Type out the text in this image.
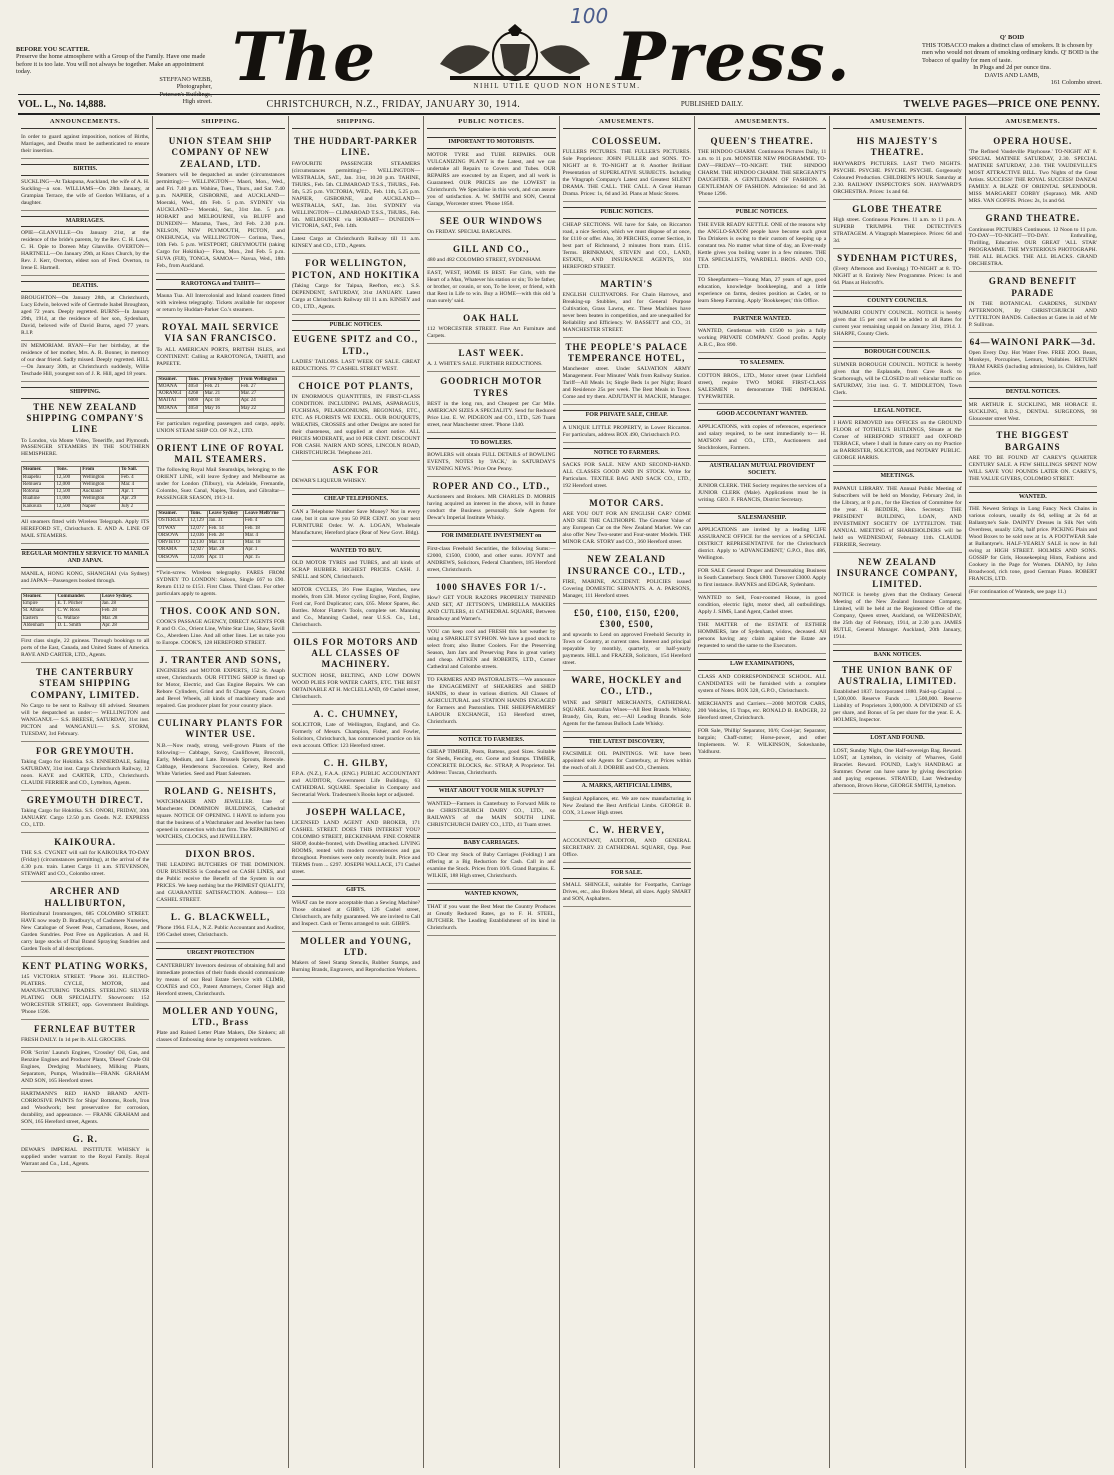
BEFORE YOU SCATTER.
Preserve the home atmosphere with a Group of the Family. Have one made before it is too late. You will not always be together. Make an appointment today.
STEFFANO WEBB,
Photographer,
Petersen's Buildings,
High street.
The	Press.
NIHIL UTILE QUOD NON HONESTUM.
100
Q' BOID
THIS TOBACCO makes a distinct class of smokers. It is chosen by men who would not dream of smoking ordinary kinds. Q' BOID is the Tobacco of quality for men of taste.
In Plugs and 2d per ounce tins.
DAVIS AND LAMB,
161 Colombo street.
VOL. L., No. 14,888.	CHRISTCHURCH, N.Z., FRIDAY, JANUARY 30, 1914.	PUBLISHED DAILY.	TWELVE PAGES—PRICE ONE PENNY.
ANNOUNCEMENTS.
In order to guard against imposition, notices of Births, Marriages, and Deaths must be authenticated to ensure their insertion.
BIRTHS.
SUCKLING—At Takapuna, Auckland, the wife of A. H. Suckling—a son. WILLIAMS—On 28th January, at Grampian Terrace, the wife of Gordon Williams, of a daughter.
MARRIAGES.
OPIE—GLANVILLE—On January 21st, at the residence of the bride's parents, by the Rev. C. H. Laws, C. H. Opie to Doreen May Glanville. OVERTON—HARTNELL—On January 29th, at Knox Church, by the Rev. J. Kerr, Overton, eldest son of Fred. Overton, to Irene E. Hartnell.
DEATHS.
BROUGHTON—On January 28th, at Christchurch, Lucy Edwin, beloved wife of Gertrude Isabel Broughton, aged 72 years. Deeply regretted. BURNS—In January 29th, 1914, at the residence of her son, Sydenham, David, beloved wife of David Burns, aged 77 years. R.I.P.
IN MEMORIAM. RYAN—For her birthday, at the residence of her mother, Mrs. A. R. Bonner, in memory of our dear friend. Sadly missed. Deeply regretted. HILL—On January 30th, at Christchurch suddenly, Willie Teschade Hill, youngest son of J. R. Hill, aged 18 years.
SHIPPING.
THE NEW ZEALAND SHIPPING COMPANY'S LINE
To London, via Monte Video, Teneriffe, and Plymouth. PASSENGER STEAMERS IN THE SOUTHERN HEMISPHERE.
Steamer.	Tons.	From	To Sail.
Ruapehu	12,500	Wellington	Feb. 4
Remuera	12,000	Wellington	Mar. 4
Rotorua	12,500	Auckland	Apr. 1
Ruahine	11,000	Wellington	Apr. 29
Kaikoura	12,500	Napier	July 2
All steamers fitted with Wireless Telegraph. Apply ITS HEREFORD ST., Christchurch. E. AND A. LINE OF MAIL STEAMERS.
REGULAR MONTHLY SERVICE TO MANILA AND JAPAN.
MANILA, HONG KONG, SHANGHAI (via Sydney) and JAPAN—Passengers booked through.
Steamer.	Commander.	Leave Sydney.
Empire	E. T. Pilcher	Jan. 28
St. Albans	C. W. Ross	Feb. 28
Eastern	G. Wallace	Mar. 28
Aldenham	D. L. Smith	Apr. 28
First class single, 22 guineas. Through bookings to all ports of the East, Canada, and United States of America. RAVE AND CARTER, LTD., Agents.
THE CANTERBURY STEAM SHIPPING COMPANY, LIMITED.
No Cargo to be sent to Railway till advised. Steamers will be despatched as under:— WELLINGTON and WANGANUI.— S.S. BREESE, SATURDAY, 31st inst. PICTON and WANGANUI.— S.S. STORM, TUESDAY, 3rd February.
FOR GREYMOUTH.
Taking Cargo for Hokitika. S.S. ENNERDALE, Sailing SATURDAY, 31st inst. Cargo Christchurch Railway, 12 noon. KAYE and CARTER, LTD., Christchurch. CLAUDE FERRIER and CO., Lyttelton, Agents.
GREYMOUTH DIRECT.
Taking Cargo for Hokitika. S.S. ONORI, FRIDAY, 30th JANUARY. Cargo 12.50 p.m. Goods. N.Z. EXPRESS CO., LTD.
KAIKOURA.
THE S.S. CYGNET will sail for KAIKOURA TO-DAY (Friday) (circumstances permitting), at the arrival of the 4.30 p.m. train. Latest Cargo 11 a.m. STEVENSON, STEWART and CO., Colombo street.
ARCHER AND HALLIBURTON,
Horticultural Ironmongers, 685 COLOMBO STREET. HAVE now ready D. Bradbury's, of Cashmere Nurseries, New Catalogue of Sweet Peas, Carnations, Roses, and Garden Sundries. Post Free on Application. A and H. carry large stocks of Dial Brand Spraying Sundries and Garden Tools of all descriptions.
KENT PLATING WORKS,
145 VICTORIA STREET. 'Phone 361. ELECTRO-PLATERS. CYCLE, MOTOR, and MANUFACTURING TRADES. STERLING SILVER PLATING OUR SPECIALITY. Showroom: 152 WORCESTER STREET, opp. Government Buildings. 'Phone 1596.
FERNLEAF BUTTER
FRESH DAILY. In 1d per lb. ALL GROCERS.
FOR 'Scrim' Launch Engines, 'Crossley' Oil, Gas, and Benzine Engines and Producer Plants, 'Diesel' Crude Oil Engines, Dredging Machinery, Milking Plants, Separators, Pumps, Windmills—FRANK GRAHAM AND SON, 165 Hereford street.
HARTMANN'S RED HAND BRAND ANTI-CORROSIVE PAINTS for Ships' Bottoms, Roofs, Iron and Woodwork; best preservative for corrosion, durability, and appearance. — FRANK GRAHAM and SON, 165 Hereford street, Agents.
G. R.
DEWAR'S IMPERIAL INSTITUTE WHISKY is supplied under warrant to the Royal Family. Royal Warrant and Co., Ltd., Agents.
SHIPPING.
UNION STEAM SHIP COMPANY OF NEW ZEALAND, LTD.
Steamers will be despatched as under (circumstances permitting):— WELLINGTON— Maori, Mon., Wed., and Fri. 7.40 p.m. Wahine, Tues., Thurs., and Sat. 7.40 p.m. NAPIER, GISBORNE, and AUCKLAND— Moeraki, Wed., 4th Feb. 5 p.m. SYDNEY via AUCKLAND— Moeraki, Sat., 31st Jan. 5 p.m. HOBART and MELBOURNE, via BLUFF and DUNEDIN— Marama, Tues., 3rd Feb. 2.30 p.m. NELSON, NEW PLYMOUTH, PICTON, and ONEHUNGA, via WELLINGTON— Corinna, Tues., 10th Feb. 5 p.m. WESTPORT, GREYMOUTH (taking Cargo for Hokitika)— Flora, Mon., 2nd Feb. 5 p.m. SUVA (FIJI), TONGA, SAMOA— Navua, Wed., 18th Feb., from Auckland.
RAROTONGA and TAHITI—
Mauna Tua. All Intercolonial and Inland coasters fitted with wireless telegraphy. Tickets available for stopover or return by Huddart-Parker Co.'s steamers.
ROYAL MAIL SERVICE VIA SAN FRANCISCO.
To ALL AMERICAN PORTS, BRITISH ISLES, and CONTINENT. Calling at RAROTONGA, TAHITI, and PAPEETE.
Steamer.	Tons.	From Sydney	From Wellington
MOANA	4050	Feb. 21	Feb. 27
AORANGI	4268	Mar. 21	Mar. 27
MAITAI	6000	Apr. 18	Apr. 24
MOANA	4050	May 16	May 22
For particulars regarding passengers and cargo, apply, UNION STEAM SHIP CO. OF N.Z., LTD.
ORIENT LINE OF ROYAL MAIL STEAMERS.
The following Royal Mail Steamships, belonging to the ORIENT LINE, will leave Sydney and Melbourne as under for London (Tilbury), via Adelaide, Fremantle, Colombo, Suez Canal, Naples, Toulon, and Gibraltar—PASSENGER SEASON, 1913-14.
Steamer.	Tons.	Leave Sydney	Leave Melb'rne
OSTERLEY	12,129	Jan. 31	Feb. 4
OTWAY	12,077	Feb. 14	Feb. 18
ORSOVA	12,036	Feb. 28	Mar. 4
ORVIETO	12,130	Mar. 14	Mar. 18
ORAMA	12,927	Mar. 28	Apr. 1
ORSOVA	12,036	Apr. 11	Apr. 15
*Twin-screw. Wireless telegraphy. FARES FROM SYDNEY TO LONDON: Saloon, Single £67 to £90. Return £112 to £151. First Class. Third Class. For other particulars apply to agents.
THOS. COOK AND SON.
COOK'S PASSAGE AGENCY, DIRECT AGENTS FOR P. and O. Co., Orient Line, White Star Line, Shaw, Savill Co., Aberdeen Line. And all other lines. Let us take you to Europe. COOK'S, 128 HEREFORD STREET.
J. TRANTER AND SONS,
ENGINEERS and MOTOR EXPERTS, 152 St. Asaph street, Christchurch. OUR FITTING SHOP is fitted up for Motor, Electric, and Gas Engine Repairs. We can Rebore Cylinders, Grind and fit Change Gears, Crown and Bevel Wheels, all kinds of machinery made and repaired. Gas producer plant for your country place.
CULINARY PLANTS FOR WINTER USE.
N.B.—Now ready, strong, well-grown Plants of the following:— Cabbage, Savoy, Cauliflower, Broccoli, Early, Medium, and Late. Brussels Sprouts, Borecole. Cabbage, Hendersons Succession. Celery, Red and White Varieties. Seed and Plant Salesmen.
ROLAND G. NEISHTS,
WATCHMAKER AND JEWELLER. Late of Manchester. DOMINION BUILDINGS, Cathedral square. NOTICE OF OPENING. I HAVE to inform you that the business of a Watchmaker and Jeweller has been opened in connection with that firm. The REPAIRING of WATCHES, CLOCKS, and JEWELLERY.
DIXON BROS.
THE LEADING BUTCHERS OF THE DOMINION. OUR BUSINESS is Conducted on CASH LINES, and the Public receive the Benefit of the System in our PRICES. We keep nothing but the PRIMEST QUALITY, and GUARANTEE SATISFACTION. Address— 133 CASHEL STREET.
L. G. BLACKWELL,
'Phone 1964. F.I.A., N.Z. Public Accountant and Auditor, 196 Cashel street, Christchurch.
URGENT PROTECTION
CANTERBURY Investors desirous of obtaining full and immediate protection of their funds should communicate by means of our Real Estate Service with CLIMB, COATES and CO., Patent Attorneys, Corner High and Hereford streets, Christchurch.
MOLLER AND YOUNG, LTD., Brass
Plate and Raised Letter Plate Makers, Die Sinkers; all classes of Embossing done by competent workmen.
SHIPPING.
THE HUDDART-PARKER LINE.
FAVOURITE PASSENGER STEAMERS (circumstances permitting)— WELLINGTON— WESTRALIA, SAT., Jan. 31st, 10.20 p.m. TAHINE, THURS., Feb. 5th. CLIMAROAD T.S.S., THURS., Feb. 5th, 5.25 p.m. VICTORIA, WED., Feb. 11th, 5.25 p.m. NAPIER, GISBORNE, and AUCKLAND— WESTRALIA, SAT., Jan. 31st. SYDNEY via WELLINGTON— CLIMAROAD T.S.S., THURS., Feb. 5th. MELBOURNE via HOBART— DUNEDIN— VICTORIA, SAT., Feb. 14th.
Latest Cargo at Christchurch Railway till 11 a.m. KINSEY and CO., LTD., Agents.
FOR WELLINGTON, PICTON, AND HOKITIKA
(Taking Cargo for Taipua, Reefton, etc.). S.S. DEPENDENT, SATURDAY, 31st JANUARY. Latest Cargo at Christchurch Railway till 11 a.m. KINSEY and CO., LTD., Agents.
PUBLIC NOTICES.
EUGENE SPITZ and CO., LTD.,
LADIES' TAILORS. LAST WEEK OF SALE. GREAT REDUCTIONS. 77 CASHEL STREET WEST.
CHOICE POT PLANTS,
IN ENORMOUS QUANTITIES, IN FIRST-CLASS CONDITION. INCLUDING PALMS, ASPARAGUS, FUCHSIAS, PELARGONIUMS, BEGONIAS, ETC., ETC. AS FLORISTS WE EXCEL. OUR BOUQUETS, WREATHS, CROSSES and other Designs are noted for their chasteness, and supplied at short notice. ALL PRICES MODERATE, and 10 PER CENT. DISCOUNT FOR CASH. NAIRN AND SONS, LINCOLN ROAD, CHRISTCHURCH. Telephone 241.
ASK FOR
DEWAR'S LIQUEUR WHISKY.
CHEAP TELEPHONES.
CAN a Telephone Number Save Money? Not in every case, but it can save you 50 PER CENT. on your next FURNITURE Order. W. A. LOGAN, Wholesale Manufacturer, Hereford place (Rear of New Govt. Bldg).
WANTED TO BUY.
OLD MOTOR TYRES and TUBES, and all kinds of SCRAP RUBBER. HIGHEST PRICES. CASH. J. SNELL and SON, Christchurch.
MOTOR CYCLES, 3½ Free Engine, Watches, new models, from £38. Motor cycling Engine, Ford, Engine, Ford car, Ford Duplicator; cars, £65. Motor Spares, &c. Bottles. Motor Flatter's Tools, complete set. Manning and Co., Manning Cashel, near U.S.S. Co., Ltd., Christchurch.
OILS FOR MOTORS AND ALL CLASSES OF MACHINERY.
SUCTION HOSE, BELTING, AND LOW DOWN WOOD PLIES FOR WATER CARTS, ETC. THE BEST OBTAINABLE AT H. McCLELLAND, 69 Cashel street, Christchurch.
A. C. CHUMNEY,
SOLICITOR, Late of Wellington, England, and Co. Formerly of Messrs. Champion, Fisher, and Fowler, Solicitors, Christchurch, has commenced practice on his own account. Office: 123 Hereford street.
C. H. GILBY,
F.P.A. (N.Z.), F.A.A. (ENG.) PUBLIC ACCOUNTANT and AUDITOR, Government Life Buildings, 63 CATHEDRAL SQUARE. Specialist in Company and Secretarial Work. Tradesmen's Books kept or adjusted.
JOSEPH WALLACE,
LICENSED LAND AGENT AND BROKER, 171 CASHEL STREET. DOES THIS INTEREST YOU? COLOMBO STREET, BECKENHAM. FINE CORNER SHOP, double-fronted, with Dwelling attached. LIVING ROOMS, rented with modern conveniences and gas throughout. Premises were only recently built. Price and TERMS from ... £297. JOSEPH WALLACE, 171 Cashel street.
GIFTS.
WHAT can be more acceptable than a Sewing Machine? Those obtained at GIBB'S, 126 Cashel street, Christchurch, are fully guaranteed. We are invited to Call and Inspect. Cash or Terms arranged to suit. GIBB'S.
MOLLER and YOUNG, LTD.
Makers of Steel Stamp Stencils, Rubber Stamps, and Burning Brands, Engravers, and Reproduction Workers.
PUBLIC NOTICES.
IMPORTANT TO MOTORISTS.
MOTOR TYRE and TUBE REPAIRS. OUR VULCANIZING PLANT is the Latest, and we can undertake all Repairs to Covers and Tubes. OUR REPAIRS are executed by an Expert, and all work is Guaranteed. OUR PRICES are the LOWEST in Christchurch. We Specialise in this work, and can assure you of satisfaction. A. W. SMITH and SON, Central Garage, Worcester street. 'Phone 1858.
SEE OUR WINDOWS
On FRIDAY. SPECIAL BARGAINS.
GILL AND CO.,
480 and 482 COLOMBO STREET, SYDENHAM.
EAST, WEST, HOME IS BEST. For Girls, with the Heart of a Man, Whatever his station or sin; To be father, or brother, or cousin, or son, To be lover, or friend, with that Rest in Life to win. Buy a HOME—with this old 'a man surely' said.
OAK HALL
112 WORCESTER STREET. Fine Art Furniture and Carpets.
LAST WEEK.
A. J. WHITE'S SALE. FURTHER REDUCTIONS.
GOODRICH MOTOR TYRES
BEST in the long run, and Cheapest per Car Mile. AMERICAN SIZES A SPECIALITY. Send for Reduced Price List. E. W. PIDGEON and CO., LTD., 526 Tuam street, near Manchester street. 'Phone 1340.
TO BOWLERS.
BOWLERS will obtain FULL DETAILS of BOWLING EVENTS, NOTES by 'JACK,' in SATURDAY'S 'EVENING NEWS.' Price One Penny.
ROPER AND CO., LTD.,
Auctioneers and Brokers. MR CHARLES D. MORRIS having acquired an interest in the above, will in future conduct the Business personally. Sole Agents for Dewar's Imperial Institute Whisky.
FOR IMMEDIATE INVESTMENT on
First-class Freehold Securities, the following Sums:— £2000, £1500, £1000, and other sums. JOYNT and ANDREWS, Solicitors, Federal Chambers, 185 Hereford street, Christchurch.
1000 SHAVES FOR 1/-.
How? GET YOUR RAZORS PROPERLY THINNED AND SET, AT JETTSON'S, UMBRELLA MAKERS AND CUTLERS, 41 CATHEDRAL SQUARE, Between Broadway and Warner's.
YOU can keep cool and FRESH this hot weather by using a SPARKLET SYPHON. We have a good stock to select from; also Butter Coolers. For the Preserving Season, Jam Jars and Preserving Pans in great variety and cheap. AITKEN and ROBERTS, LTD., Corner Cathedral and Colombo streets.
TO FARMERS AND PASTORALISTS.—We announce the ENGAGEMENT of SHEARERS and SHED HANDS, to shear in various districts. All Classes of AGRICULTURAL and STATION HANDS ENGAGED for Farmers and Pastoralists. THE SHEEPFARMERS' LABOUR EXCHANGE, 153 Hereford street, Christchurch.
NOTICE TO FARMERS.
CHEAP TIMBER, Posts, Battens, good Sizes. Suitable for Sheds, Fencing, etc. Gorse and Stumps. TIMBER, CONCRETE BLOCKS, &c. STRAP, A Proprietor. Tel. Address: Tuscan, Christchurch.
WHAT ABOUT YOUR MILK SUPPLY?
WANTED—Farmers in Canterbury to Forward Milk to the CHRISTCHURCH DAIRY CO., LTD., on RAILWAYS of the MAIN SOUTH LINE. CHRISTCHURCH DAIRY CO., LTD., 41 Tuam street.
BABY CARRIAGES.
TO Clear my Stock of Baby Carriages (Folding) I am offering at a Big Reduction for Cash. Call in and examine the Stock. Prices from 10/6. Grand Bargains. E. WILKIE, 188 High street, Christchurch.
WANTED KNOWN,
THAT if you want the Best Meat the Country Produces at Greatly Reduced Rates, go to F. H. STEEL, BUTCHER. The Leading Establishment of its kind in Christchurch.
AMUSEMENTS.
COLOSSEUM.
FULLERS PICTURES. THE FULLER'S PICTURES. Sole Proprietors: JOHN FULLER and SONS. TO-NIGHT at 8. TO-NIGHT at 8. Another Brilliant Presentation of SUPERLATIVE SUBJECTS. Including the Vitagraph Company's Latest and Greatest SILENT DRAMA. THE CALL. THE CALL. A Great Human Drama. Prices: 1s, 6d and 3d. Plans at Music Stores.
PUBLIC NOTICES.
CHEAP SECTIONS. WE have for Sale, on Riccarton road, a nice Section, which we must dispose of at once, for £110 or offer. Also, 30 PERCHES, corner Section, in best part of Richmond, 2 minutes from tram. £115. Terms. BRINKMAN, STEVEN and CO., LAND, ESTATE, AND INSURANCE AGENTS, 104 HEREFORD STREET.
MARTIN'S
ENGLISH CULTIVATORS. For Chain Harrows, and Breaking-up Stubbles, and for General Purpose Cultivation, Grass Lawns, etc. These Machines have never been beaten in competition, and are unequalled for Reliability and Efficiency. W. BASSETT and CO., 31 MANCHESTER STREET.
THE PEOPLE'S PALACE TEMPERANCE HOTEL,
Manchester street. Under SALVATION ARMY Management. Four Minutes' Walk from Railway Station. Tariff—All Meals 1s; Single Beds 1s per Night; Board and Residence 25s per week. The Best Meals in Town. Come and try them. ADJUTANT H. MACKIE, Manager.
FOR PRIVATE SALE, CHEAP.
A UNIQUE LITTLE PROPERTY, in Lower Riccarton. For particulars, address BOX 490, Christchurch P.O.
NOTICE TO FARMERS.
SACKS FOR SALE. NEW AND SECOND-HAND. ALL CLASSES GOOD AND IN STOCK. Write for Particulars. TEXTILE BAG AND SACK CO., LTD., 192 Hereford street.
MOTOR CARS.
ARE YOU OUT FOR AN ENGLISH CAR? COME AND SEE THE CALTHORPE. The Greatest Value of any European Car on the New Zealand Market. We can also offer New Two-seater and Four-seater Models. THE MINOR CAR. STORY and CO., 360 Hereford street.
NEW ZEALAND INSURANCE CO., LTD.,
FIRE, MARINE, ACCIDENT. POLICIES issued Covering DOMESTIC SERVANTS. A. A. PARSONS, Manager, 111 Hereford street.
£50, £100, £150, £200, £300, £500,
and upwards to Lend on approved Freehold Security in Town or Country, at current rates. Interest and principal repayable by monthly, quarterly, or half-yearly payments. HILL and FRAZER, Solicitors, 154 Hereford street.
WARE, HOCKLEY and CO., LTD.,
WINE and SPIRIT MERCHANTS, CATHEDRAL SQUARE. Australian Wines—All Best Brands. Whisky, Brandy, Gin, Rum, etc.—All Leading Brands. Sole Agents for the famous Bulloch Lade Whisky.
THE LATEST DISCOVERY,
FACSIMILE OIL PAINTINGS. WE have been appointed sole Agents for Canterbury, at Prices within the reach of all. J. DOBBIE and CO., Chemists.
A. MARKS, ARTIFICIAL LIMBS,
Surgical Appliances, etc. We are now manufacturing in New Zealand the Best Artificial Limbs. GEORGE B. COX, 3 Lower High street.
C. W. HERVEY,
ACCOUNTANT, AUDITOR, AND GENERAL SECRETARY. 23 CATHEDRAL SQUARE, Opp. Post Office.
FOR SALE.
SMALL SHINGLE, suitable for Footpaths, Carriage Drives, etc., also Broken Metal, all sizes. Apply SMART and SON, Asphalters.
AMUSEMENTS.
QUEEN'S THEATRE.
THE HINDOO CHARM. Continuous Pictures Daily, 11 a.m. to 11 p.m. MONSTER NEW PROGRAMME. TO-DAY—FRIDAY—TO-NIGHT. THE HINDOO CHARM. THE HINDOO CHARM. THE SERGEANT'S DAUGHTER. A GENTLEMAN OF FASHION. A GENTLEMAN OF FASHION. Admission: 6d and 3d. 'Phone 1296.
PUBLIC NOTICES.
THE EVER READY KETTLE. ONE of the reasons why the ANGLO-SAXON people have become such great Tea Drinkers is owing to their custom of keeping up a constant tea. No matter what time of day, an Ever-ready Kettle gives you boiling water in a few minutes. THE TEA SPECIALISTS, WARDELL BROS. AND CO., LTD.
TO Sheepfarmers—Young Man, 27 years of age, good education, knowledge bookkeeping, and a little experience on farms, desires position as Cadet, or to learn Sheep Farming. Apply 'Bookkeeper,' this Office.
PARTNER WANTED.
WANTED, Gentleman with £1500 to join a fully working PRIVATE COMPANY. Good profits. Apply A.B.C., Box 890.
TO SALESMEN.
COTTON BROS., LTD., Motor street (near Lichfield street), require TWO MORE FIRST-CLASS SALESMEN to demonstrate THE IMPERIAL TYPEWRITER.
GOOD ACCOUNTANT WANTED.
APPLICATIONS, with copies of references, experience and salary required, to be sent immediately to— H. MATSON and CO., LTD., Auctioneers and Stockbrokers, Farmers.
AUSTRALIAN MUTUAL PROVIDENT SOCIETY.
JUNIOR CLERK. THE Society requires the services of a JUNIOR CLERK (Male). Applications must be in writing. GEO. F. FRANCIS, District Secretary.
SALESMANSHIP.
APPLICATIONS are invited by a leading LIFE ASSURANCE OFFICE for the services of a SPECIAL DISTRICT REPRESENTATIVE for the Christchurch district. Apply to 'ADVANCEMENT,' G.P.O., Box 486, Wellington.
FOR SALE General Draper and Dressmaking Business in South Canterbury. Stock £800. Turnover £3000. Apply to first instance. BAYNES and EDGAR, Sydenham.
WANTED to Sell, Four-roomed House, in good condition, electric light, motor shed, all outbuildings. Apply J. SIMS, Land Agent, Cashel street.
THE MATTER of the ESTATE of ESTHER HOMMERS, late of Sydenham, widow, deceased. All persons having any claim against the Estate are requested to send the same to the Executors.
LAW EXAMINATIONS,
CLASS AND CORRESPONDENCE SCHOOL. ALL CANDIDATES will be furnished with a complete system of Notes. BOX 328, G.P.O., Christchurch.
MERCHANTS and Carriers.—2000 MOTOR CARS, 200 Vehicles, 15 Traps, etc. RONALD B. BADGER, 22 Hereford street, Christchurch.
FOR Sale, 'Phillip' Separator, 10/6; Cool-jar; Separator, bargain; Chaff-cutter; Horse-power, and other Implements. W. F. WILKINSON, Sokeshanbe, Yaldhurst.
AMUSEMENTS.
HIS MAJESTY'S THEATRE.
HAYWARD'S PICTURES. LAST TWO NIGHTS. PSYCHE. PSYCHE. PSYCHE. PSYCHE. Gorgeously Coloured Production. CHILDREN'S HOUR. Saturday at 2.30. RAILWAY INSPECTOR'S SON. HAYWARD'S ORCHESTRA. Prices: 1s and 6d.
GLOBE THEATRE
High street. Continuous Pictures. 11 a.m. to 11 p.m. A SUPERB TRIUMPH. THE DETECTIVE'S STRATAGEM. A Vitagraph Masterpiece. Prices: 6d and 3d.
SYDENHAM PICTURES,
(Every Afternoon and Evening.) TO-NIGHT at 8. TO-NIGHT at 8. Entirely New Programme. Prices: 1s and 6d. Plans at Holcroft's.
COUNTY COUNCILS.
WAIMAIRI COUNTY COUNCIL. NOTICE is hereby given that 15 per cent will be added to all Rates for current year remaining unpaid on January 31st, 1914. J. SHARPE, County Clerk.
BOROUGH COUNCILS.
SUMNER BOROUGH COUNCIL. NOTICE is hereby given that the Esplanade, from Cave Rock to Scarborough, will be CLOSED to all vehicular traffic on SATURDAY, 31st inst. G. T. MIDDLETON, Town Clerk.
LEGAL NOTICE.
I HAVE REMOVED into OFFICES on the GROUND FLOOR of TOTHILL'S BUILDINGS, Situate at the Corner of HEREFORD STREET and OXFORD TERRACE, where I shall in future carry on my Practice as BARRISTER, SOLICITOR, and NOTARY PUBLIC. GEORGE HARRIS.
MEETINGS.
PAPANUI LIBRARY. THE Annual Public Meeting of Subscribers will be held on Monday, February 2nd, in the Library, at 8 p.m., for the Election of Committee for the year. H. BEDDER, Hon. Secretary. THE PRESIDENT BUILDING, LOAN, AND INVESTMENT SOCIETY OF LYTTELTON. THE ANNUAL MEETING of SHAREHOLDERS will be held on WEDNESDAY, February 11th. CLAUDE FERRIER, Secretary.
NEW ZEALAND INSURANCE COMPANY, LIMITED.
NOTICE is hereby given that the Ordinary General Meeting of the New Zealand Insurance Company, Limited, will be held at the Registered Office of the Company, Queen street, Auckland, on WEDNESDAY, the 25th day of February, 1914, at 2.30 p.m. JAMES RUTLE, General Manager. Auckland, 20th January, 1914.
BANK NOTICES.
THE UNION BANK OF AUSTRALIA, LIMITED.
Established 1837. Incorporated 1880. Paid-up Capital .... 1,500,000. Reserve Funds .... 1,500,000. Reserve Liability of Proprietors 3,000,000. A DIVIDEND of £5 per share, and Bonus of 5s per share for the year. E. A. HOLMES, Inspector.
LOST AND FOUND.
LOST, Sunday Night, One Half-sovereign Bag. Reward. LOST, at Lyttelton, in vicinity of Wharves, Gold Bracelet. Reward. FOUND, Lady's HANDBAG at Summer. Owner can have same by giving description and paying expenses. STRAYED, Last Wednesday afternoon, Brown Horse, GEORGE SMITH, Lyttelton.
AMUSEMENTS.
OPERA HOUSE.
'The Refined Vaudeville Playhouse.' TO-NIGHT AT 8. SPECIAL MATINEE SATURDAY, 2.30. SPECIAL MATINEE SATURDAY, 2.30. THE VAUDEVILLE'S MOST ATTRACTIVE BILL. Two Nights of the Great Artists. SUCCESS! THE ROYAL SUCCESS! DANZAI FAMILY. A BLAZE OF ORIENTAL SPLENDOUR. MISS MARGARET CORBY (Soprano). MR. AND MRS. VAN GOFFIS. Prices: 2s, 1s and 6d.
GRAND THEATRE.
Continuous PICTURES Continuous. 12 Noon to 11 p.m. TO-DAY—TO-NIGHT—TO-DAY. Enthralling, Thrilling, Educative. OUR GREAT 'ALL STAR' PROGRAMME. THE MYSTERIOUS PHOTOGRAPH. THE ALL BLACKS. THE ALL BLACKS. GRAND ORCHESTRA.
GRAND BENEFIT PARADE
IN THE BOTANICAL GARDENS, SUNDAY AFTERNOON, By CHRISTCHURCH AND LYTTELTON BANDS. Collection at Gates in aid of Mr P. Sullivan.
64—WAINONI PARK—3d.
Open Every Day. Hot Water Free. FREE ZOO. Bears, Monkeys, Porcupines, Lemurs, Wallabies. RETURN TRAM FARES (including admission), 1s. Children, half price.
DENTAL NOTICES.
MR ARTHUR E. SUCKLING, MR HORACE E. SUCKLING, B.D.S., DENTAL SURGEONS, 98 Gloucester street West.
THE BIGGEST BARGAINS
ARE TO BE FOUND AT CAREY'S QUARTER CENTURY SALE. A FEW SHILLINGS SPENT NOW WILL SAVE YOU POUNDS LATER ON. CAREY'S, THE VALUE GIVERS, COLOMBO STREET.
WANTED.
THE Newest Strings in Long Fancy Neck Chains in various colours, usually 4s 6d, selling at 2s 6d at Ballantyne's Sale. DAINTY Dresses in Silk Net with Overdress, usually 126s, half price. PICKING Plain and Wood Boxes to be sold now at 1s. A FOOTWEAR Sale at Ballantyne's. HALF-YEARLY SALE is now in full swing at HIGH STREET. HOLMES AND SONS. GOSSIP for Girls, Housekeeping Hints, Fashions and Cookery in the Page for Women. DIANO, by John Broadwood, rich tone, good German Piano. ROBERT FRANCIS, LTD.
(For continuation of Wanteds, see page 11.)
